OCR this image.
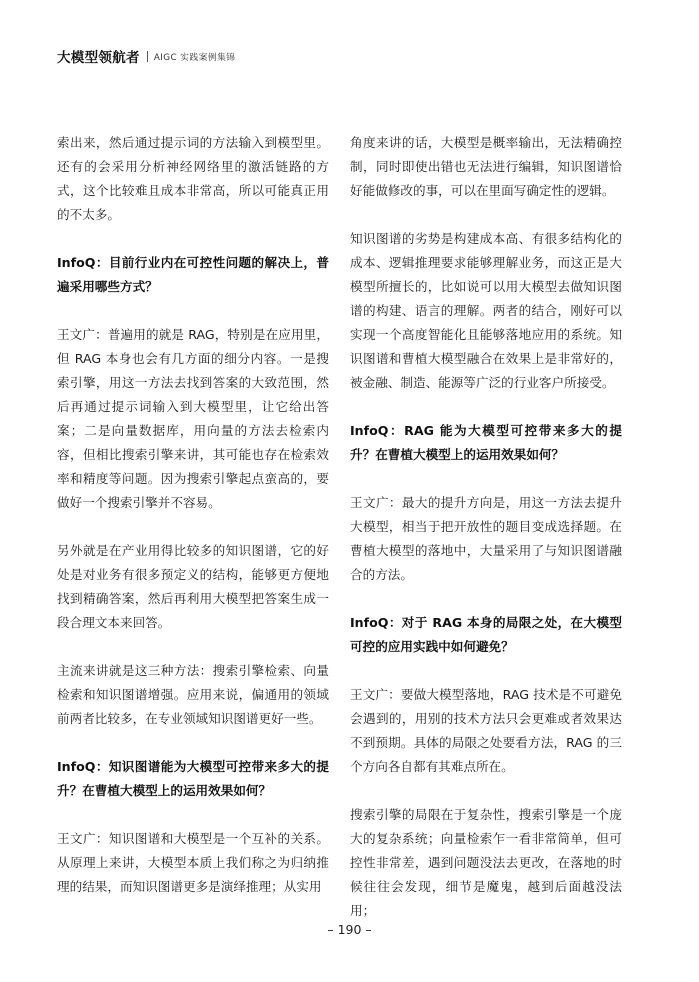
大模型领航者 AIGC 实践案例集锦

索出来，然后通过提示词的方法输入到模型里。还有的会采用分析神经网络里的激活链路的方式，这个比较难且成本非常高，所以可能真正用的不太多。

InfoQ：目前行业内在可控性问题的解决上，普遍采用哪些方式？

王文广：普遍用的就是 RAG，特别是在应用里，但 RAG 本身也会有几方面的细分内容。一是搜索引擎，用这一方法去找到答案的大致范围，然后再通过提示词输入到大模型里，让它给出答案；二是向量数据库，用向量的方法去检索内容，但相比搜索引擎来讲，其可能也存在检索效率和精度等问题。因为搜索引擎起点蛮高的，要做好一个搜索引擎并不容易。

另外就是在产业用得比较多的知识图谱，它的好处是对业务有很多预定义的结构，能够更方便地找到精确答案，然后再利用大模型把答案生成一段合理文本来回答。

主流来讲就是这三种方法：搜索引擎检索、向量检索和知识图谱增强。应用来说，偏通用的领域前两者比较多，在专业领域知识图谱更好一些。

InfoQ：知识图谱能为大模型可控带来多大的提升？在曹植大模型上的运用效果如何？

王文广：知识图谱和大模型是一个互补的关系。从原理上来讲，大模型本质上我们称之为归纳推理的结果，而知识图谱更多是演绎推理；从实用

角度来讲的话，大模型是概率输出，无法精确控制，同时即使出错也无法进行编辑，知识图谱恰好能做修改的事，可以在里面写确定性的逻辑。

知识图谱的劣势是构建成本高、有很多结构化的成本、逻辑推理要求能够理解业务，而这正是大模型所擅长的，比如说可以用大模型去做知识图谱的构建、语言的理解。两者的结合，刚好可以实现一个高度智能化且能够落地应用的系统。知识图谱和曹植大模型融合在效果上是非常好的，被金融、制造、能源等广泛的行业客户所接受。

InfoQ：RAG 能为大模型可控带来多大的提升？在曹植大模型上的运用效果如何？

王文广：最大的提升方向是，用这一方法去提升大模型，相当于把开放性的题目变成选择题。在曹植大模型的落地中，大量采用了与知识图谱融合的方法。

InfoQ：对于 RAG 本身的局限之处，在大模型可控的应用实践中如何避免？

王文广：要做大模型落地，RAG 技术是不可避免会遇到的，用别的技术方法只会更难或者效果达不到预期。具体的局限之处要看方法，RAG 的三个方向各自都有其难点所在。

搜索引擎的局限在于复杂性，搜索引擎是一个庞大的复杂系统；向量检索乍一看非常简单，但可控性非常差，遇到问题没法去更改，在落地的时候往往会发现，细节是魔鬼，越到后面越没法用；

– 190 –
